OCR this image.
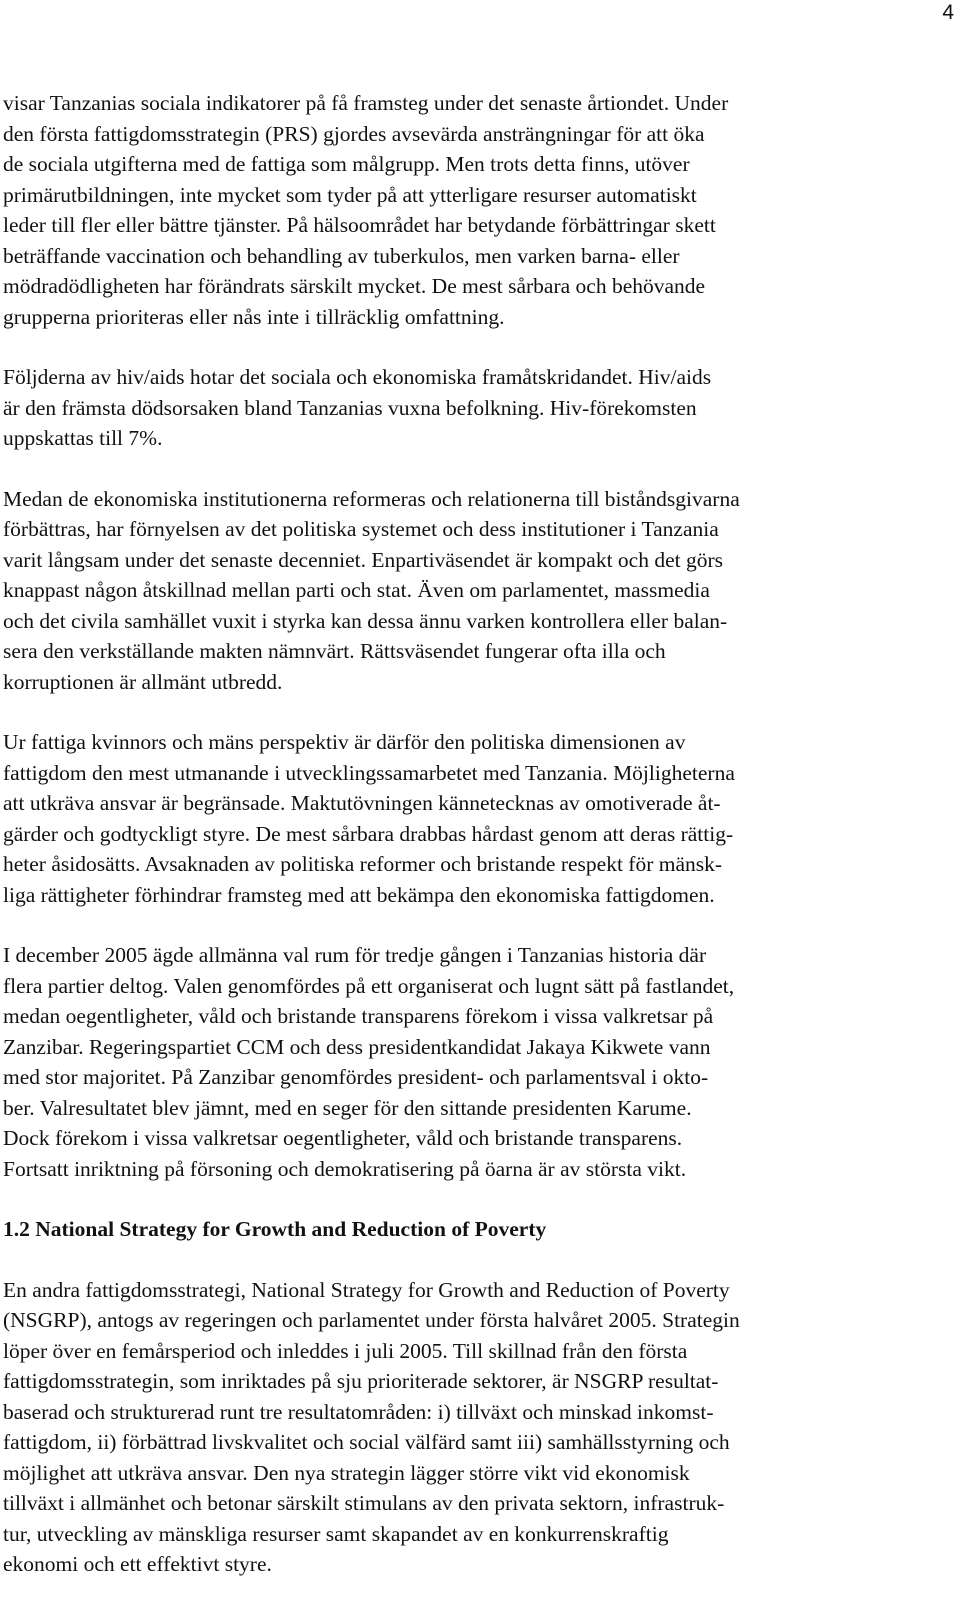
4
visar Tanzanias sociala indikatorer på få framsteg under det senaste årtiondet. Under
den första fattigdomsstrategin (PRS) gjordes avsevärda ansträngningar för att öka
de sociala utgifterna med de fattiga som målgrupp. Men trots detta finns, utöver
primärutbildningen, inte mycket som tyder på att ytterligare resurser automatiskt
leder till fler eller bättre tjänster. På hälsoområdet har betydande förbättringar skett
beträffande vaccination och behandling av tuberkulos, men varken barna- eller
mödradödligheten har förändrats särskilt mycket. De mest sårbara och behövande
grupperna prioriteras eller nås inte i tillräcklig omfattning.
Följderna av hiv/aids hotar det sociala och ekonomiska framåtskridandet. Hiv/aids
är den främsta dödsorsaken bland Tanzanias vuxna befolkning. Hiv-förekomsten
uppskattas till 7%.
Medan de ekonomiska institutionerna reformeras och relationerna till biståndsgivarna
förbättras, har förnyelsen av det politiska systemet och dess institutioner i Tanzania
varit långsam under det senaste decenniet. Enpartiväsendet är kompakt och det görs
knappast någon åtskillnad mellan parti och stat. Även om parlamentet, massmedia
och det civila samhället vuxit i styrka kan dessa ännu varken kontrollera eller balan-
sera den verkställande makten nämnvärt. Rättsväsendet fungerar ofta illa och
korruptionen är allmänt utbredd.
Ur fattiga kvinnors och mäns perspektiv är därför den politiska dimensionen av
fattigdom den mest utmanande i utvecklingssamarbetet med Tanzania. Möjligheterna
att utkräva ansvar är begränsade. Maktutövningen kännetecknas av omotiverade åt-
gärder och godtyckligt styre. De mest sårbara drabbas hårdast genom att deras rättig-
heter åsidosätts. Avsaknaden av politiska reformer och bristande respekt för mänsk-
liga rättigheter förhindrar framsteg med att bekämpa den ekonomiska fattigdomen.
I december 2005 ägde allmänna val rum för tredje gången i Tanzanias historia där
flera partier deltog. Valen genomfördes på ett organiserat och lugnt sätt på fastlandet,
medan oegentligheter, våld och bristande transparens förekom i vissa valkretsar på
Zanzibar. Regeringspartiet CCM och dess presidentkandidat Jakaya Kikwete vann
med stor majoritet. På Zanzibar genomfördes president- och parlamentsval i okto-
ber. Valresultatet blev jämnt, med en seger för den sittande presidenten Karume.
Dock förekom i vissa valkretsar oegentligheter, våld och bristande transparens.
Fortsatt inriktning på försoning och demokratisering på öarna är av största vikt.
1.2 National Strategy for Growth and Reduction of Poverty
En andra fattigdomsstrategi, National Strategy for Growth and Reduction of Poverty
(NSGRP), antogs av regeringen och parlamentet under första halvåret 2005. Strategin
löper över en femårsperiod och inleddes i juli 2005. Till skillnad från den första
fattigdomsstrategin, som inriktades på sju prioriterade sektorer, är NSGRP resultat-
baserad och strukturerad runt tre resultatområden: i) tillväxt och minskad inkomst-
fattigdom, ii) förbättrad livskvalitet och social välfärd samt iii) samhällsstyrning och
möjlighet att utkräva ansvar. Den nya strategin lägger större vikt vid ekonomisk
tillväxt i allmänhet och betonar särskilt stimulans av den privata sektorn, infrastruk-
tur, utveckling av mänskliga resurser samt skapandet av en konkurrenskraftig
ekonomi och ett effektivt styre.
